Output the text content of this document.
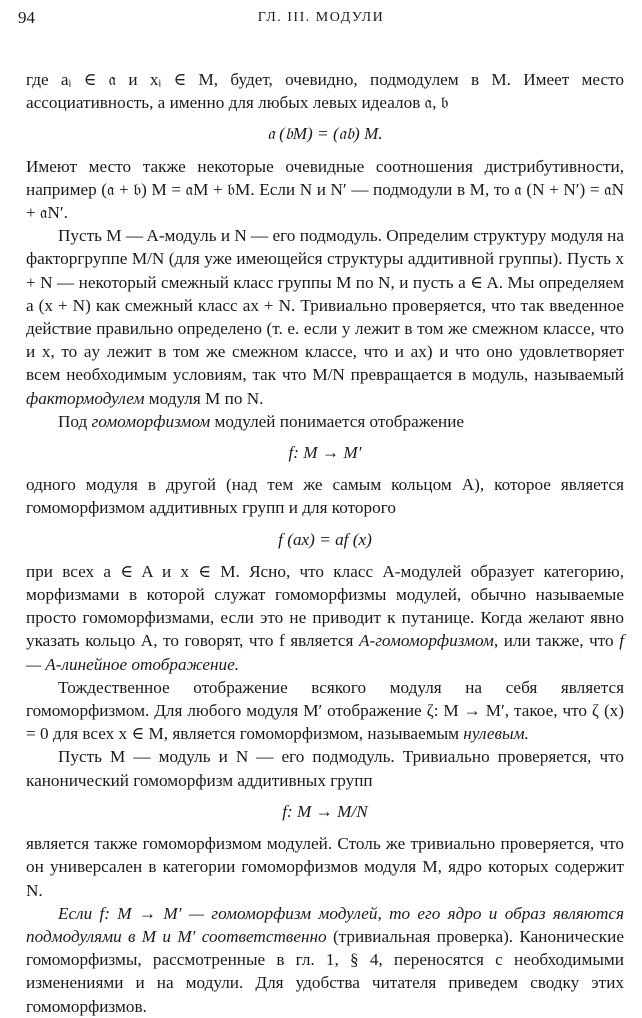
94	ГЛ. III. МОДУЛИ

где aᵢ ∈ 𝔞 и xᵢ ∈ M, будет, очевидно, подмодулем в M. Имеет место ассоциативность, а именно для любых левых идеалов 𝔞, 𝔟

𝔞 (𝔟M) = (𝔞𝔟) M.

Имеют место также некоторые очевидные соотношения дистрибутивности, например (𝔞 + 𝔟) M = 𝔞M + 𝔟M. Если N и N′ — подмодули в M, то 𝔞 (N + N′) = 𝔞N + 𝔞N′.

Пусть M — A-модуль и N — его подмодуль. Определим структуру модуля на факторгруппе M/N (для уже имеющейся структуры аддитивной группы). Пусть x + N — некоторый смежный класс группы M по N, и пусть a ∈ A. Мы определяем a (x + N) как смежный класс ax + N. Тривиально проверяется, что так введенное действие правильно определено (т. е. если y лежит в том же смежном классе, что и x, то ay лежит в том же смежном классе, что и ax) и что оно удовлетворяет всем необходимым условиям, так что M/N превращается в модуль, называемый фактормодулем модуля M по N.

Под гомоморфизмом модулей понимается отображение

f: M → M′

одного модуля в другой (над тем же самым кольцом A), которое является гомоморфизмом аддитивных групп и для которого

f (ax) = af (x)

при всех a ∈ A и x ∈ M. Ясно, что класс A-модулей образует категорию, морфизмами в которой служат гомоморфизмы модулей, обычно называемые просто гомоморфизмами, если это не приводит к путанице. Когда желают явно указать кольцо A, то говорят, что f является A-гомоморфизмом, или также, что f — A-линейное отображение.

Тождественное отображение всякого модуля на себя является гомоморфизмом. Для любого модуля M′ отображение ζ: M → M′, такое, что ζ (x) = 0 для всех x ∈ M, является гомоморфизмом, называемым нулевым.

Пусть M — модуль и N — его подмодуль. Тривиально проверяется, что канонический гомоморфизм аддитивных групп

f: M → M/N

является также гомоморфизмом модулей. Столь же тривиально проверяется, что он универсален в категории гомоморфизмов модуля M, ядро которых содержит N.

Если f: M → M′ — гомоморфизм модулей, то его ядро и образ являются подмодулями в M и M′ соответственно (тривиальная проверка). Канонические гомоморфизмы, рассмотренные в гл. 1, § 4, переносятся с необходимыми изменениями и на модули. Для удобства читателя приведем сводку этих гомоморфизмов.
